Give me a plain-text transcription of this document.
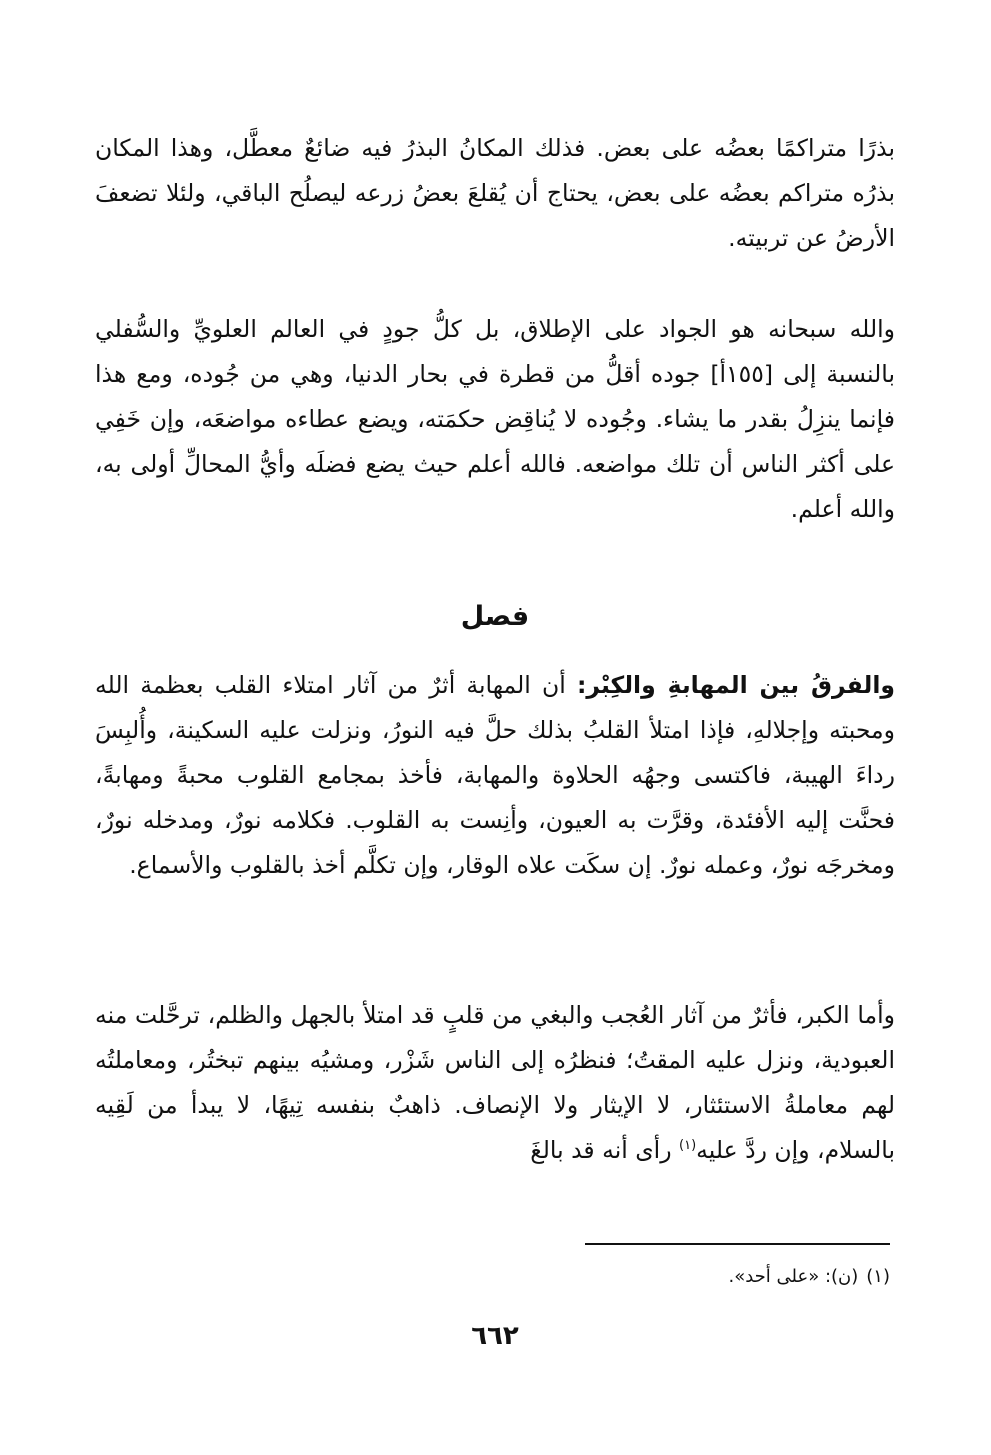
بذرًا متراكمًا بعضُه على بعض. فذلك المكانُ البذرُ فيه ضائعٌ معطَّل، وهذا المكان بذرُه متراكم بعضُه على بعض، يحتاج أن يُقلعَ بعضُ زرعه ليصلُح الباقي، ولئلا تضعفَ الأرضُ عن تربيته.

والله سبحانه هو الجواد على الإطلاق، بل كلُّ جودٍ في العالم العلويِّ والسُّفلي بالنسبة إلى [١٥٥أ] جوده أقلُّ من قطرة في بحار الدنيا، وهي من جُوده، ومع هذا فإنما ينزِلُ بقدر ما يشاء. وجُوده لا يُناقِض حكمَته، ويضع عطاءه مواضعَه، وإن خَفِي على أكثر الناس أن تلك مواضعه. فالله أعلم حيث يضع فضلَه وأيُّ المحالِّ أولى به، والله أعلم.

فصل

والفرقُ بين المهابةِ والكِبْر: أن المهابة أثرٌ من آثار امتلاء القلب بعظمة الله ومحبته وإجلالهِ، فإذا امتلأ القلبُ بذلك حلَّ فيه النورُ، ونزلت عليه السكينة، وأُلبِسَ رداءَ الهيبة، فاكتسى وجهُه الحلاوة والمهابة، فأخذ بمجامع القلوب محبةً ومهابةً، فحنَّت إليه الأفئدة، وقرَّت به العيون، وأنِست به القلوب. فكلامه نورٌ، ومدخله نورٌ، ومخرجَه نورٌ، وعمله نورٌ. إن سكَت علاه الوقار، وإن تكلَّم أخذ بالقلوب والأسماع.

وأما الكبر، فأثرٌ من آثار العُجب والبغي من قلبٍ قد امتلأ بالجهل والظلم، ترحَّلت منه العبودية، ونزل عليه المقتُ؛ فنظرُه إلى الناس شَزْر، ومشيُه بينهم تبختُر، ومعاملتُه لهم معاملةُ الاستئثار، لا الإيثار ولا الإنصاف. ذاهبٌ بنفسه تِيهًا، لا يبدأ من لَقِيه بالسلام، وإن ردَّ عليه$^{(١)}$ رأى أنه قد بالغَ

(١)(ن): «على أحد».

٦٦٢
